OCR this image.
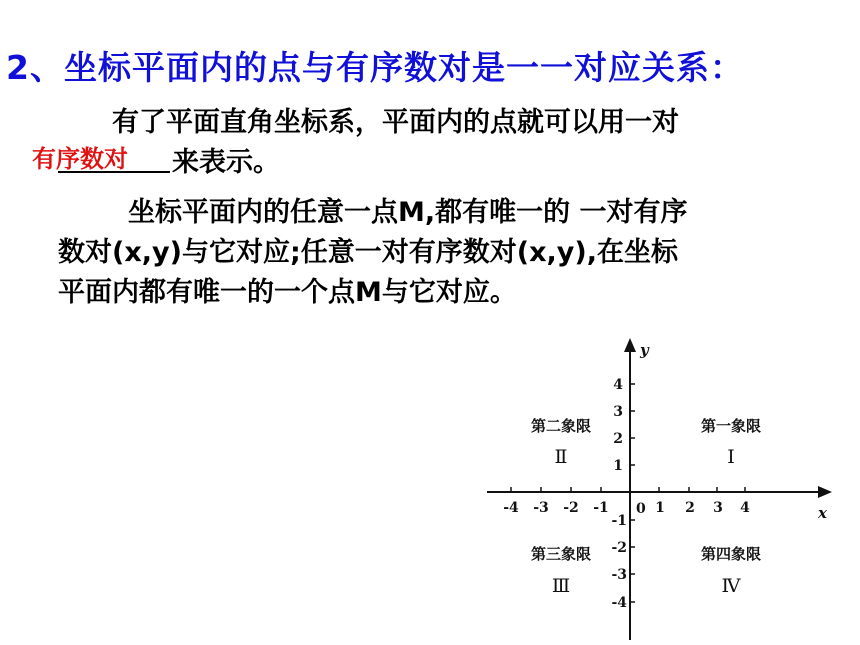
2、坐标平面内的点与有序数对是一一对应关系：
有了平面直角坐标系，平面内的点就可以用一对
有序数对 来表示。
坐标平面内的任意一点M,都有唯一的 一对有序
数对(x,y)与它对应;任意一对有序数对(x,y),在坐标
平面内都有唯一的一个点M与它对应。
y
x
0
-4 -3 -2 -1	1 2 3 4
4
3
2
1
-1
-2
-3
-4
第二象限
Ⅱ
第一象限
Ⅰ
第三象限
Ⅲ
第四象限
Ⅳ
